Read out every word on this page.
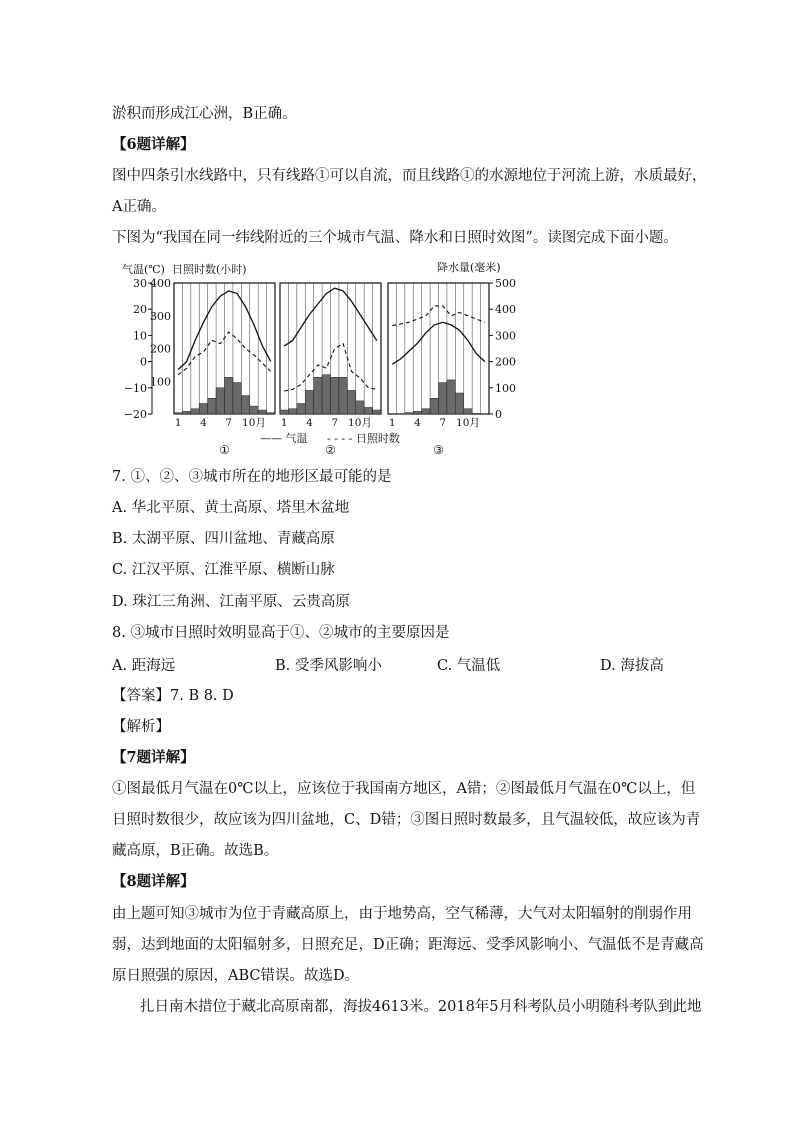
淤积而形成江心洲，B正确。
【6题详解】
图中四条引水线路中，只有线路①可以自流，而且线路①的水源地位于河流上游，水质最好，
A正确。
下图为“我国在同一纬线附近的三个城市气温、降水和日照时效图”。读图完成下面小题。
30
20
10
0
−10
−20
400
300
200
100
500
400
300
200
100
0
1 4 7 10月
①
1 4 7 10月
②
1 4 7 10月
③
气温(℃) 日照时数(小时)	降水量(毫米)
—— 气温 - - - - 日照时数
7. ①、②、③城市所在的地形区最可能的是
A. 华北平原、黄土高原、塔里木盆地
B. 太湖平原、四川盆地、青藏高原
C. 江汉平原、江淮平原、横断山脉
D. 珠江三角洲、江南平原、云贵高原
8. ③城市日照时效明显高于①、②城市的主要原因是
A. 距海远	B. 受季风影响小	C. 气温低	D. 海拔高
【答案】7. B 8. D
【解析】
【7题详解】
①图最低月气温在0℃以上，应该位于我国南方地区，A错；②图最低月气温在0℃以上，但
日照时数很少，故应该为四川盆地，C、D错；③图日照时数最多，且气温较低，故应该为青
藏高原，B正确。故选B。
【8题详解】
由上题可知③城市为位于青藏高原上，由于地势高，空气稀薄，大气对太阳辐射的削弱作用
弱，达到地面的太阳辐射多，日照充足，D正确；距海远、受季风影响小、气温低不是青藏高
原日照强的原因，ABC错误。故选D。
扎日南木措位于藏北高原南都，海拔4613米。2018年5月科考队员小明随科考队到此地
